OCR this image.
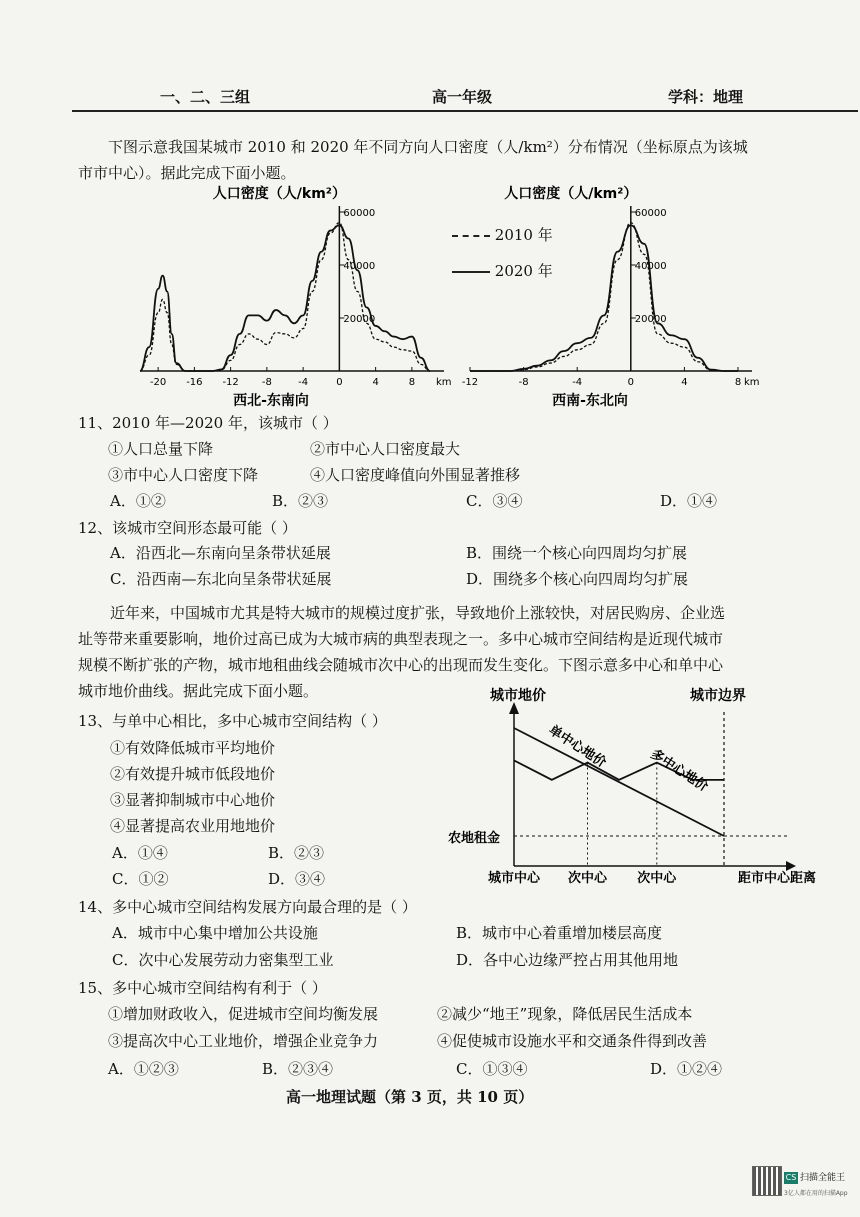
一、二、三组	高一年级	学科：地理
下图示意我国某城市 2010 和 2020 年不同方向人口密度（人/km²）分布情况（坐标原点为该城
市市中心）。据此完成下面小题。
人口密度（人/km²）
20000
40000
60000
-20 -16 -12 -8	-4	0	4	8 km
西北-东南向
人口密度（人/km²）
20000
40000
60000
-12	-8	-4	0	4	8 km
西南-东北向
城市地价	城市边界
农地租金
单中心地价
多中心地价
城市中心 次中心 次中心	距市中心距离
2010 年
2020 年
11、2010 年—2020 年，该城市（ ）
①人口总量下降	②市中心人口密度最大
③市中心人口密度下降	④人口密度峰值向外围显著推移
A．①②	B．②③	C．③④	D．①④
12、该城市空间形态最可能（ ）
A．沿西北—东南向呈条带状延展	B．围绕一个核心向四周均匀扩展
C．沿西南—东北向呈条带状延展	D．围绕多个核心向四周均匀扩展
近年来，中国城市尤其是特大城市的规模过度扩张，导致地价上涨较快，对居民购房、企业选
址等带来重要影响，地价过高已成为大城市病的典型表现之一。多中心城市空间结构是近现代城市
规模不断扩张的产物，城市地租曲线会随城市次中心的出现而发生变化。下图示意多中心和单中心
城市地价曲线。据此完成下面小题。
13、与单中心相比，多中心城市空间结构（ ）
①有效降低城市平均地价
②有效提升城市低段地价
③显著抑制城市中心地价
④显著提高农业用地地价
A．①④	B．②③
C．①②	D．③④
14、多中心城市空间结构发展方向最合理的是（ ）
A．城市中心集中增加公共设施	B．城市中心着重增加楼层高度
C．次中心发展劳动力密集型工业	D．各中心边缘严控占用其他用地
15、多中心城市空间结构有利于（ ）
①增加财政收入，促进城市空间均衡发展	②减少“地王”现象，降低居民生活成本
③提高次中心工业地价，增强企业竞争力	④促使城市设施水平和交通条件得到改善
A．①②③	B．②③④	C．①③④	D．①②④
高一地理试题（第 3 页，共 10 页）
CS 扫描全能王
3亿人都在用的扫描App
